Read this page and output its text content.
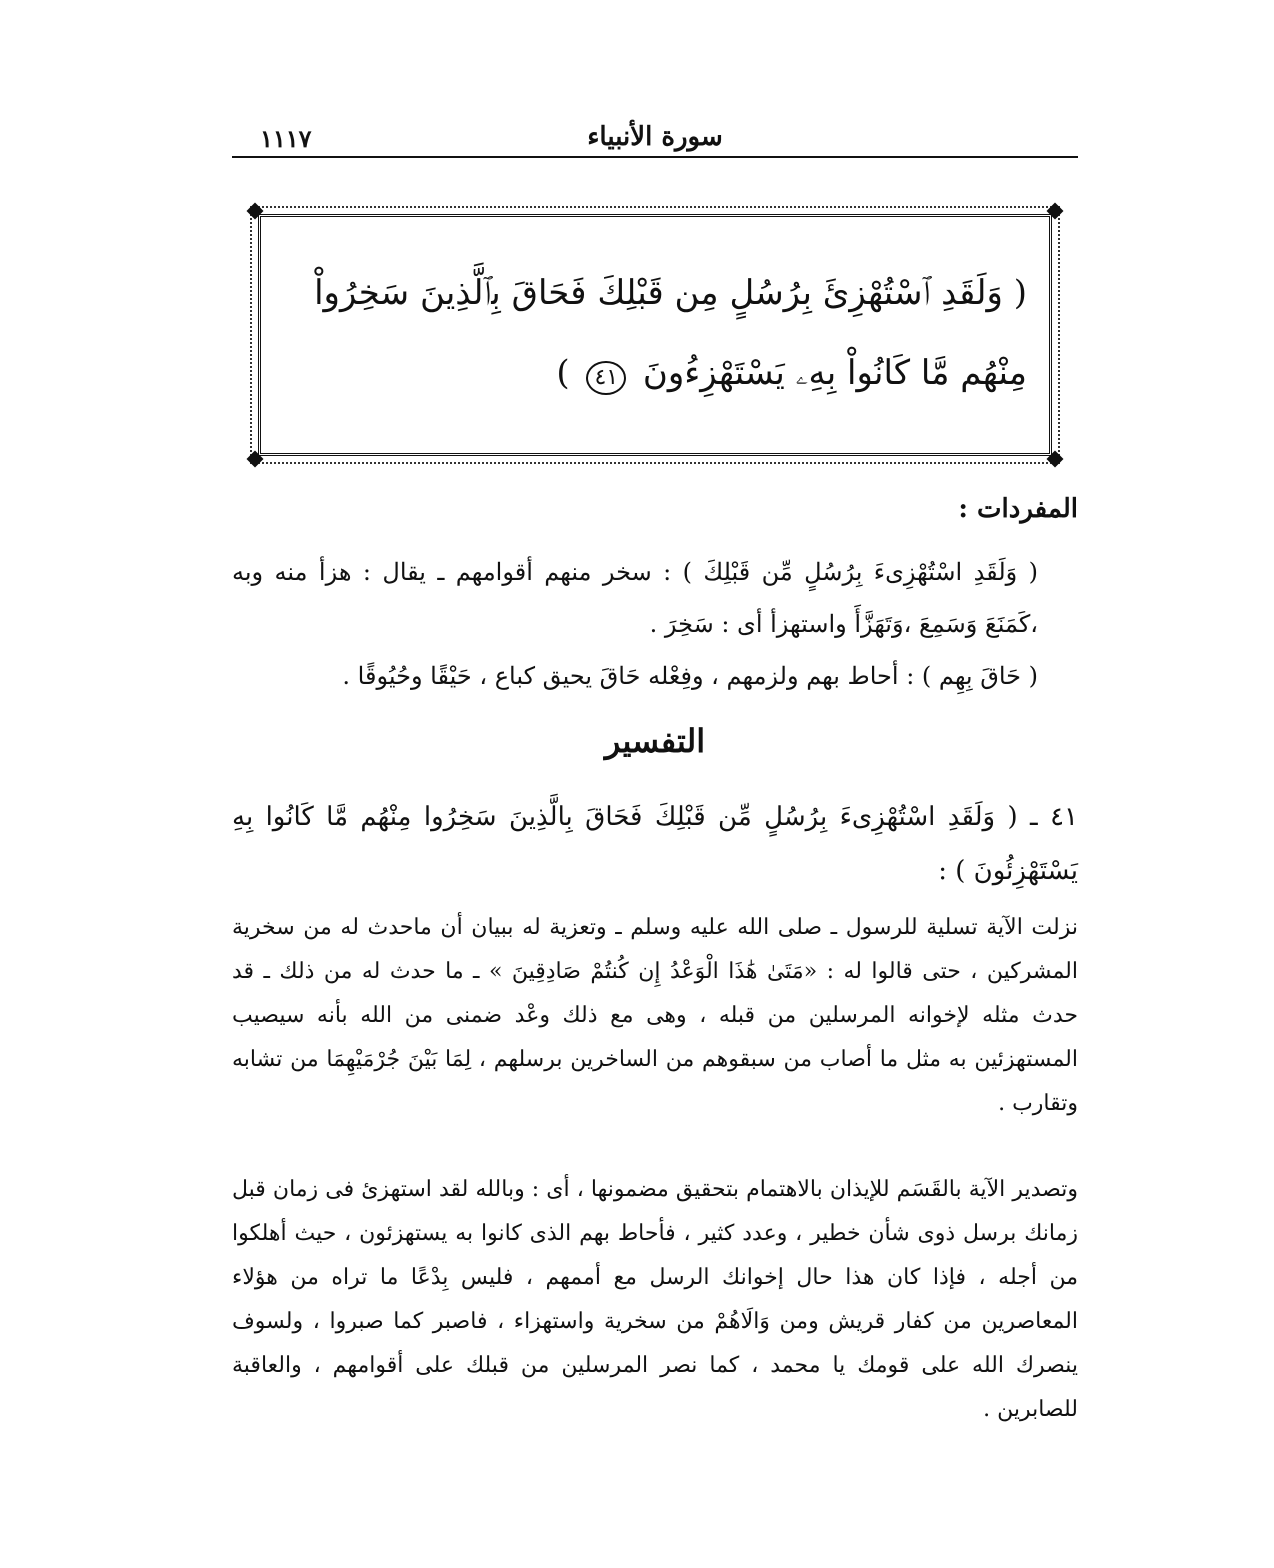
سورة الأنبياء
١١١٧
( وَلَقَدِ ٱسْتُهْزِئَ بِرُسُلٍ مِن قَبْلِكَ فَحَاقَ بِٱلَّذِينَ سَخِرُواْ مِنْهُم مَّا كَانُواْ بِهِۦ يَسْتَهْزِءُونَ ٤١ )
المفردات :

( وَلَقَدِ اسْتُهْزِىءَ بِرُسُلٍ مِّن قَبْلِكَ ) : سخر منهم أقوامهم ـ يقال : هزأ منه وبه ،كَمَنَعَ وَسَمِعَ ،وَتَهَزَّأَ واستهزأ أى : سَخِرَ .

( حَاقَ بِهِم ) : أحاط بهم ولزمهم ، وفِعْله حَاقَ يحيق كباع ، حَيْقًا وحُيُوقًا .

التفسير
٤١ ـ ( وَلَقَدِ اسْتُهْزِىءَ بِرُسُلٍ مِّن قَبْلِكَ فَحَاقَ بِالَّذِينَ سَخِرُوا مِنْهُم مَّا كَانُوا بِهِ يَسْتَهْزِئُونَ ) :
نزلت الآية تسلية للرسول ـ صلى الله عليه وسلم ـ وتعزية له ببيان أن ماحدث له من سخرية المشركين ، حتى قالوا له : «مَتَىٰ هَٰذَا الْوَعْدُ إِن كُنتُمْ صَادِقِينَ » ـ ما حدث له من ذلك ـ قد حدث مثله لإخوانه المرسلين من قبله ، وهى مع ذلك وعْد ضمنى من الله بأنه سيصيب المستهزئين به مثل ما أصاب من سبقوهم من الساخرين برسلهم ، لِمَا بَيْنَ جُرْمَيْهِمَا من تشابه وتقارب .
وتصدير الآية بالقَسَم للإيذان بالاهتمام بتحقيق مضمونها ، أى : وبالله لقد استهزئ فى زمان قبل زمانك برسل ذوى شأن خطير ، وعدد كثير ، فأحاط بهم الذى كانوا به يستهزئون ، حيث أهلكوا من أجله ، فإذا كان هذا حال إخوانك الرسل مع أممهم ، فليس بِدْعًا ما تراه من هؤلاء المعاصرين من كفار قريش ومن وَالَاهُمْ من سخرية واستهزاء ، فاصبر كما صبروا ، ولسوف ينصرك الله على قومك يا محمد ، كما نصر المرسلين من قبلك على أقوامهم ، والعاقبة للصابرين .
